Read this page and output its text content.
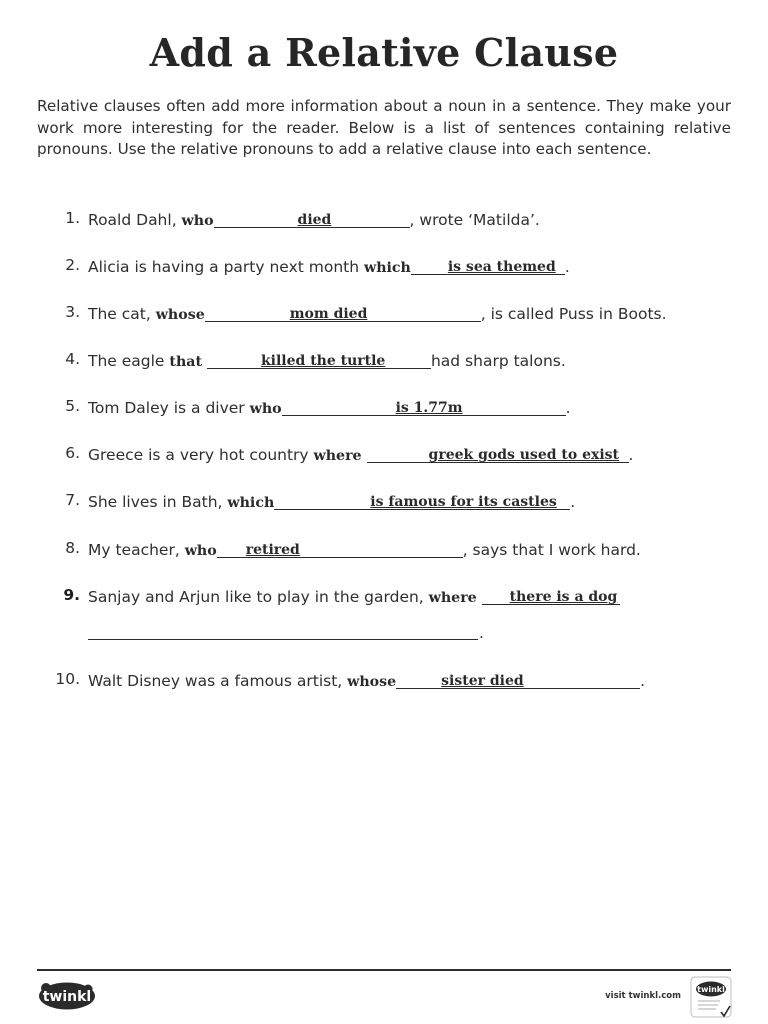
Add a Relative Clause

Relative clauses often add more information about a noun in a sentence. They make your work more interesting for the reader. Below is a list of sentences containing relative pronouns. Use the relative pronouns to add a relative clause into each sentence.

1. Roald Dahl, who	died	, wrote ‘Matilda’.
2. Alicia is having a party next month which	is sea themed .
3. The cat, whose	mom died	, is called Puss in Boots.
4. The eagle that	killed the turtle	had sharp talons.
5. Tom Daley is a diver who	is 1.77m	.
6. Greece is a very hot country where	greek gods used to exist .
7. She lives in Bath, which	is famous for its castles .
8. My teacher, who retired	, says that I work hard.
9. Sanjay and Arjun like to play in the garden, where there is a dog
.
10. Walt Disney was a famous artist, whose	sister died	.
twinkl	visit twinkl.com
twinkl
